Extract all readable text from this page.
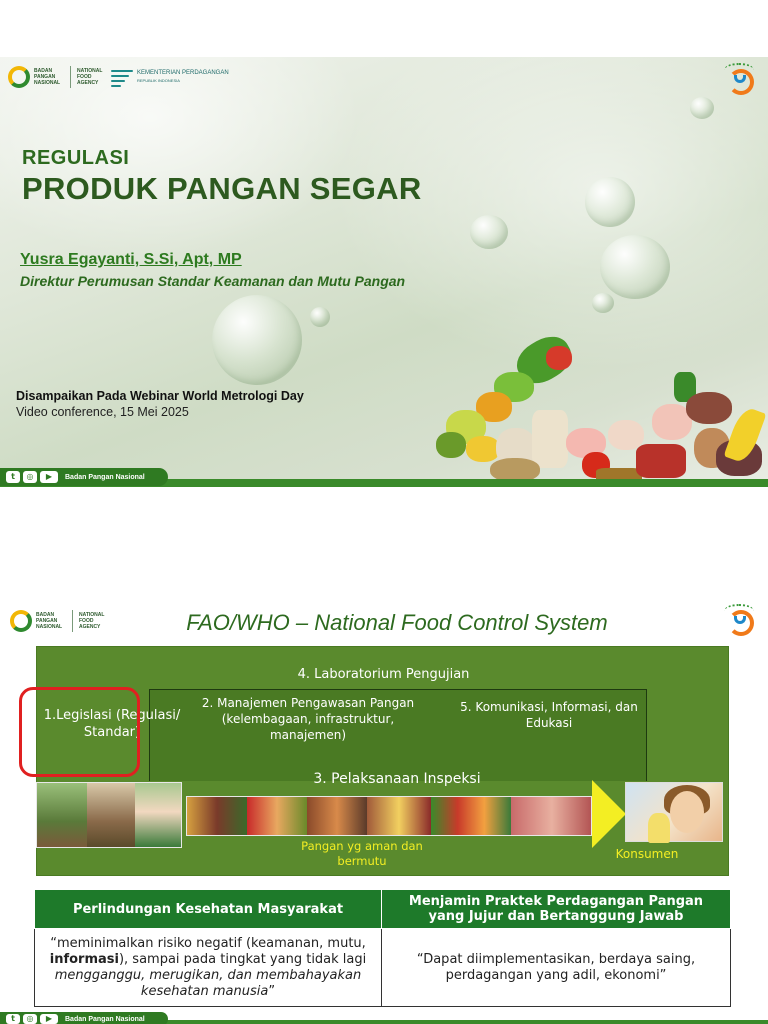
BADAN PANGAN NASIONAL
NATIONAL FOOD AGENCY
KEMENTERIAN PERDAGANGAN
REPUBLIK INDONESIA
REGULASI
PRODUK PANGAN SEGAR
Yusra Egayanti, S.Si, Apt, MP
Direktur Perumusan Standar Keamanan dan Mutu Pangan
Disampaikan Pada Webinar World Metrologi Day
Video conference, 15 Mei 2025
t	◎	▶	Badan Pangan Nasional
BADAN PANGAN NASIONAL
NATIONAL FOOD AGENCY	FAO/WHO – National Food Control System
4. Laboratorium Pengujian
2. Manajemen Pengawasan Pangan (kelembagaan, infrastruktur, manajemen)
5. Komunikasi, Informasi, dan Edukasi
3. Pelaksanaan Inspeksi
1.Legislasi (Regulasi/ Standar)
Pangan yg aman dan bermutu	Konsumen
Perlindungan Kesehatan Masyarakat	Menjamin Praktek Perdagangan Pangan yang Jujur dan Bertanggung Jawab
“meminimalkan risiko negatif (keamanan, mutu, informasi), sampai pada tingkat yang tidak lagi mengganggu, merugikan, dan membahayakan kesehatan manusia”	“Dapat diimplementasikan, berdaya saing, perdagangan yang adil, ekonomi”
t	◎	▶	Badan Pangan Nasional
